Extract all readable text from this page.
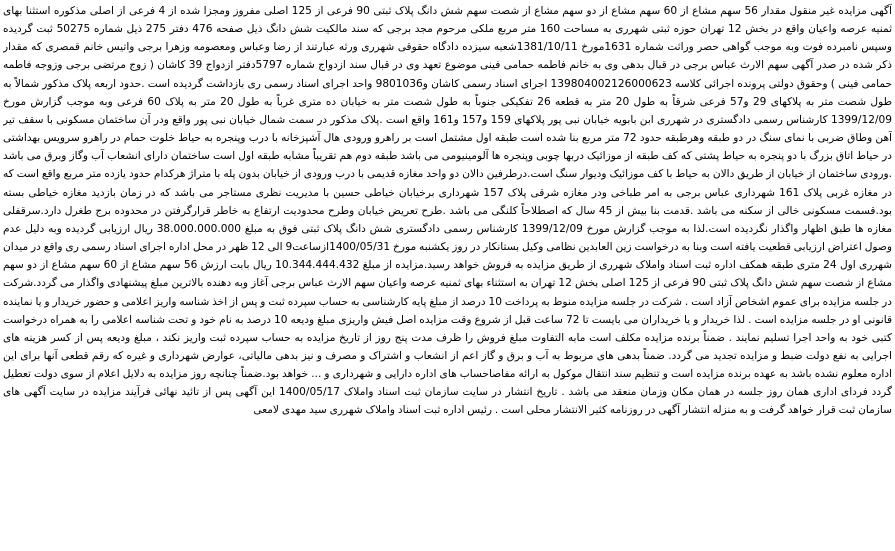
آگهی مزایده غیر منقول مقدار 56 سهم مشاع از 60 سهم مشاع از دو سهم مشاع از شصت سهم شش دانگ پلاک ثبتی 90 فرعی از 125 اصلی مفروز ومجزا شده از 4 فرعی از اصلی مذکوره استثنا بهای ثمنیه عرصه واعیان واقع در بخش 12 تهران حوزه ثبتی شهرری به مساحت 160 متر مربع ملکی مرحوم مجد برجی که سند مالکیت شش دانگ ذیل صفحه 476 دفتر 275 ذیل شماره 50275 ثبت گردیده وسپس نامبرده فوت وبه موجب گواهی حصر وراثت شماره 1631مورخ 1381/10/11شعبه سیزده دادگاه حقوقی شهرری ورثه عبارتند از رضا وعباس ومعصومه وزهرا برجی واتیس خانم قمصری که مقدار ذکر شده در صدر آگهی سهم الارث عباس برجی در قبال بدهی وی به خانم فاطمه حمامی فینی موضوع تعهد وی در قبال سند ازدواج شماره 5797دفتر ازدواج 39 کاشان ( زوج مرتضی برجی وزوجه فاطمه حمامی فینی ) وحقوق دولتی پرونده اجرائی کلاسه 139804002126000623 اجرای اسناد رسمی کاشان و9801036 واحد اجرای اسناد رسمی ری بازداشت گردیده است .حدود اربعه پلاک مذکور شمالاً به طول شصت متر به پلاکهای 29 و57 فرعی شرقاً به طول 20 متر به قطعه 26 تفکیکی جنوباً به طول شصت متر به خیابان ده متری غرباً به طول 20 متر به پلاک 60 فرعی وبه موجب گزارش مورخ 1399/12/09 کارشناس رسمی دادگستری در شهرری ابن بابویه خیابان نبی پور پلاکهای 159 و157 و161 واقع است .پلاک مذکور در سمت شمال خیابان نبی پور واقع ودر آن ساختمان مسکونی با سقف تیر آهن وطاق ضربی با نمای سنگ در دو طبقه وهرطبقه حدود 72 متر مربع بنا شده است طبقه اول مشتمل است بر راهرو ورودی هال آشپزخانه با درب وپنجره به حیاط خلوت حمام در راهرو سرویس بهداشتی در حیاط اتاق بزرگ با دو پنجره به حیاط پشتی که کف طبقه از موزائیک دربها چوبی وپنجره ها آلومینیومی می باشد طبقه دوم هم تقریباً مشابه طبقه اول است ساختمان دارای انشعاب آب وگاز وبرق می باشد .ورودی ساختمان از خیابان از طریق دالان به حیاط با کف موزائیک ودیوار سنگ است.درطرفین دالان دو واحد مغازه قدیمی با درب ورودی از خیابان بدون پله با متراژ هرکدام حدود یازده متر مربع واقع است که در مغازه غربی پلاک 161 شهرداری عباس برجی به امر طباخی ودر مغازه شرقی پلاک 157 شهرداری برخیابان خیاطی حسین با مدیریت نظری مستاجر می باشد که در زمان بازدید مغازه خیاطی بسته بود.قسمت مسکونی خالی از سکنه می باشد .قدمت بنا بیش از 45 سال که اصطلاحاً کلنگی می باشد .طرح تعریض خیابان وطرح محدودیت ارتفاع به خاطر قرارگرفتن در محدوده برج طغرل دارد.سرقفلی مغازه ها طبق اظهار واگذار نگردیده است.لذا به موجب گزارش مورخ 1399/12/09 کارشناس رسمی دادگستری شش دانگ پلاک ثبتی فوق به مبلغ 38.000.000.000 ریال ارزیابی گردیده وبه دلیل عدم وصول اعتراض ارزیابی قطعیت یافته است وبنا به درخواست زین العابدین نظامی وکیل بستانکار در روز یکشنبه مورخ 1400/05/31ازساعت9 الی 12 ظهر در محل اداره اجرای اسناد رسمی ری واقع در میدان شهرری اول 24 متری طبقه همکف اداره ثبت اسناد واملاک شهرری از طریق مزایده به فروش خواهد رسید.مزایده از مبلغ 10.344.444.432 ریال بابت ارزش 56 سهم مشاع از 60 سهم مشاع از دو سهم مشاع از شصت سهم شش دانگ پلاک ثبتی 90 فرعی از 125 اصلی بخش 12 تهران به استثناء بهای ثمنیه عرصه واعیان سهم الارث عباس برجی آغاز وبه دهنده بالاترین مبلغ پیشنهادی واگذار می گردد.شرکت در جلسه مزایده برای عموم اشخاص آزاد است . شرکت در جلسه مزایده منوط به پرداخت 10 درصد از مبلغ پایه کارشناسی به حساب سپرده ثبت و پس از اخذ شناسه واریز اعلامی و حضور خریدار و یا نماینده قانونی او در جلسه مزایده است . لذا خریدار و یا خریداران می بایست تا 72 ساعت قبل از شروع وقت مزایده اصل فیش واریزی مبلغ ودیعه 10 درصد به نام خود و تحت شناسه اعلامی را به همراه درخواست کتبی خود به واحد اجرا تسلیم نمایند . ضمناً برنده مزایده مکلف است مابه التفاوت مبلغ فروش را ظرف مدت پنج روز از تاریخ مزایده به حساب سپرده ثبت واریز نکند ، مبلغ ودیعه پس از کسر هزینه های اجرایی به نفع دولت ضبط و مزایده تجدید می گردد. ضمناً بدهی های مربوط به آب و برق و گاز اعم از انشعاب و اشتراک و مصرف و نیز بدهی مالیاتی، عوارض شهرداری و غیره که رقم قطعی آنها برای این اداره معلوم نشده باشد به عهده برنده مزایده است و تنظیم سند انتقال موکول به ارائه مفاصاحساب های اداره دارایی و شهرداری و ... خواهد بود.ضمناً چنانچه روز مزایده به دلایل اعلام از سوی دولت تعطیل گردد فردای اداری همان روز جلسه در همان مکان وزمان منعقد می باشد . تاریخ انتشار در سایت سازمان ثبت اسناد واملاک 1400/05/17 این آگهی پس از تائید نهائی فرآیند مزایده در سایت آگهی های سازمان ثبت قرار خواهد گرفت و به منزله انتشار آگهی در روزنامه کثیر الانتشار محلی است . رئیس اداره ثبت اسناد واملاک شهرری سید مهدی لامعی
